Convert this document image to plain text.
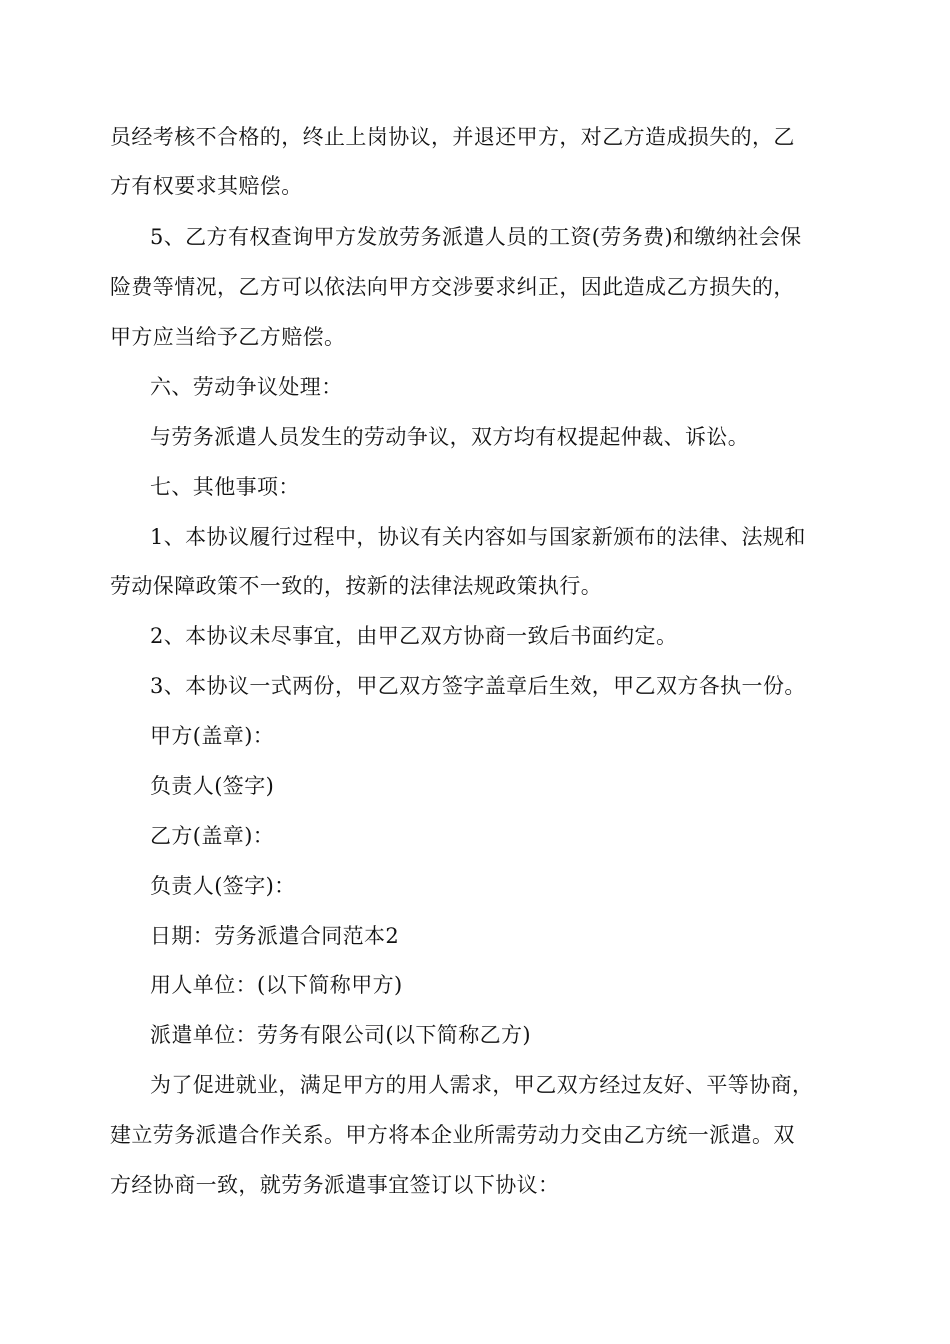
员经考核不合格的，终止上岗协议，并退还甲方，对乙方造成损失的，乙
方有权要求其赔偿。
5、乙方有权查询甲方发放劳务派遣人员的工资(劳务费)和缴纳社会保
险费等情况，乙方可以依法向甲方交涉要求纠正，因此造成乙方损失的，
甲方应当给予乙方赔偿。
六、劳动争议处理：
与劳务派遣人员发生的劳动争议，双方均有权提起仲裁、诉讼。
七、其他事项：
1、本协议履行过程中，协议有关内容如与国家新颁布的法律、法规和
劳动保障政策不一致的，按新的法律法规政策执行。
2、本协议未尽事宜，由甲乙双方协商一致后书面约定。
3、本协议一式两份，甲乙双方签字盖章后生效，甲乙双方各执一份。
甲方(盖章)：
负责人(签字)
乙方(盖章)：
负责人(签字)：
日期：劳务派遣合同范本2
用人单位：(以下简称甲方)
派遣单位：劳务有限公司(以下简称乙方)
为了促进就业，满足甲方的用人需求，甲乙双方经过友好、平等协商，
建立劳务派遣合作关系。甲方将本企业所需劳动力交由乙方统一派遣。双
方经协商一致，就劳务派遣事宜签订以下协议：
